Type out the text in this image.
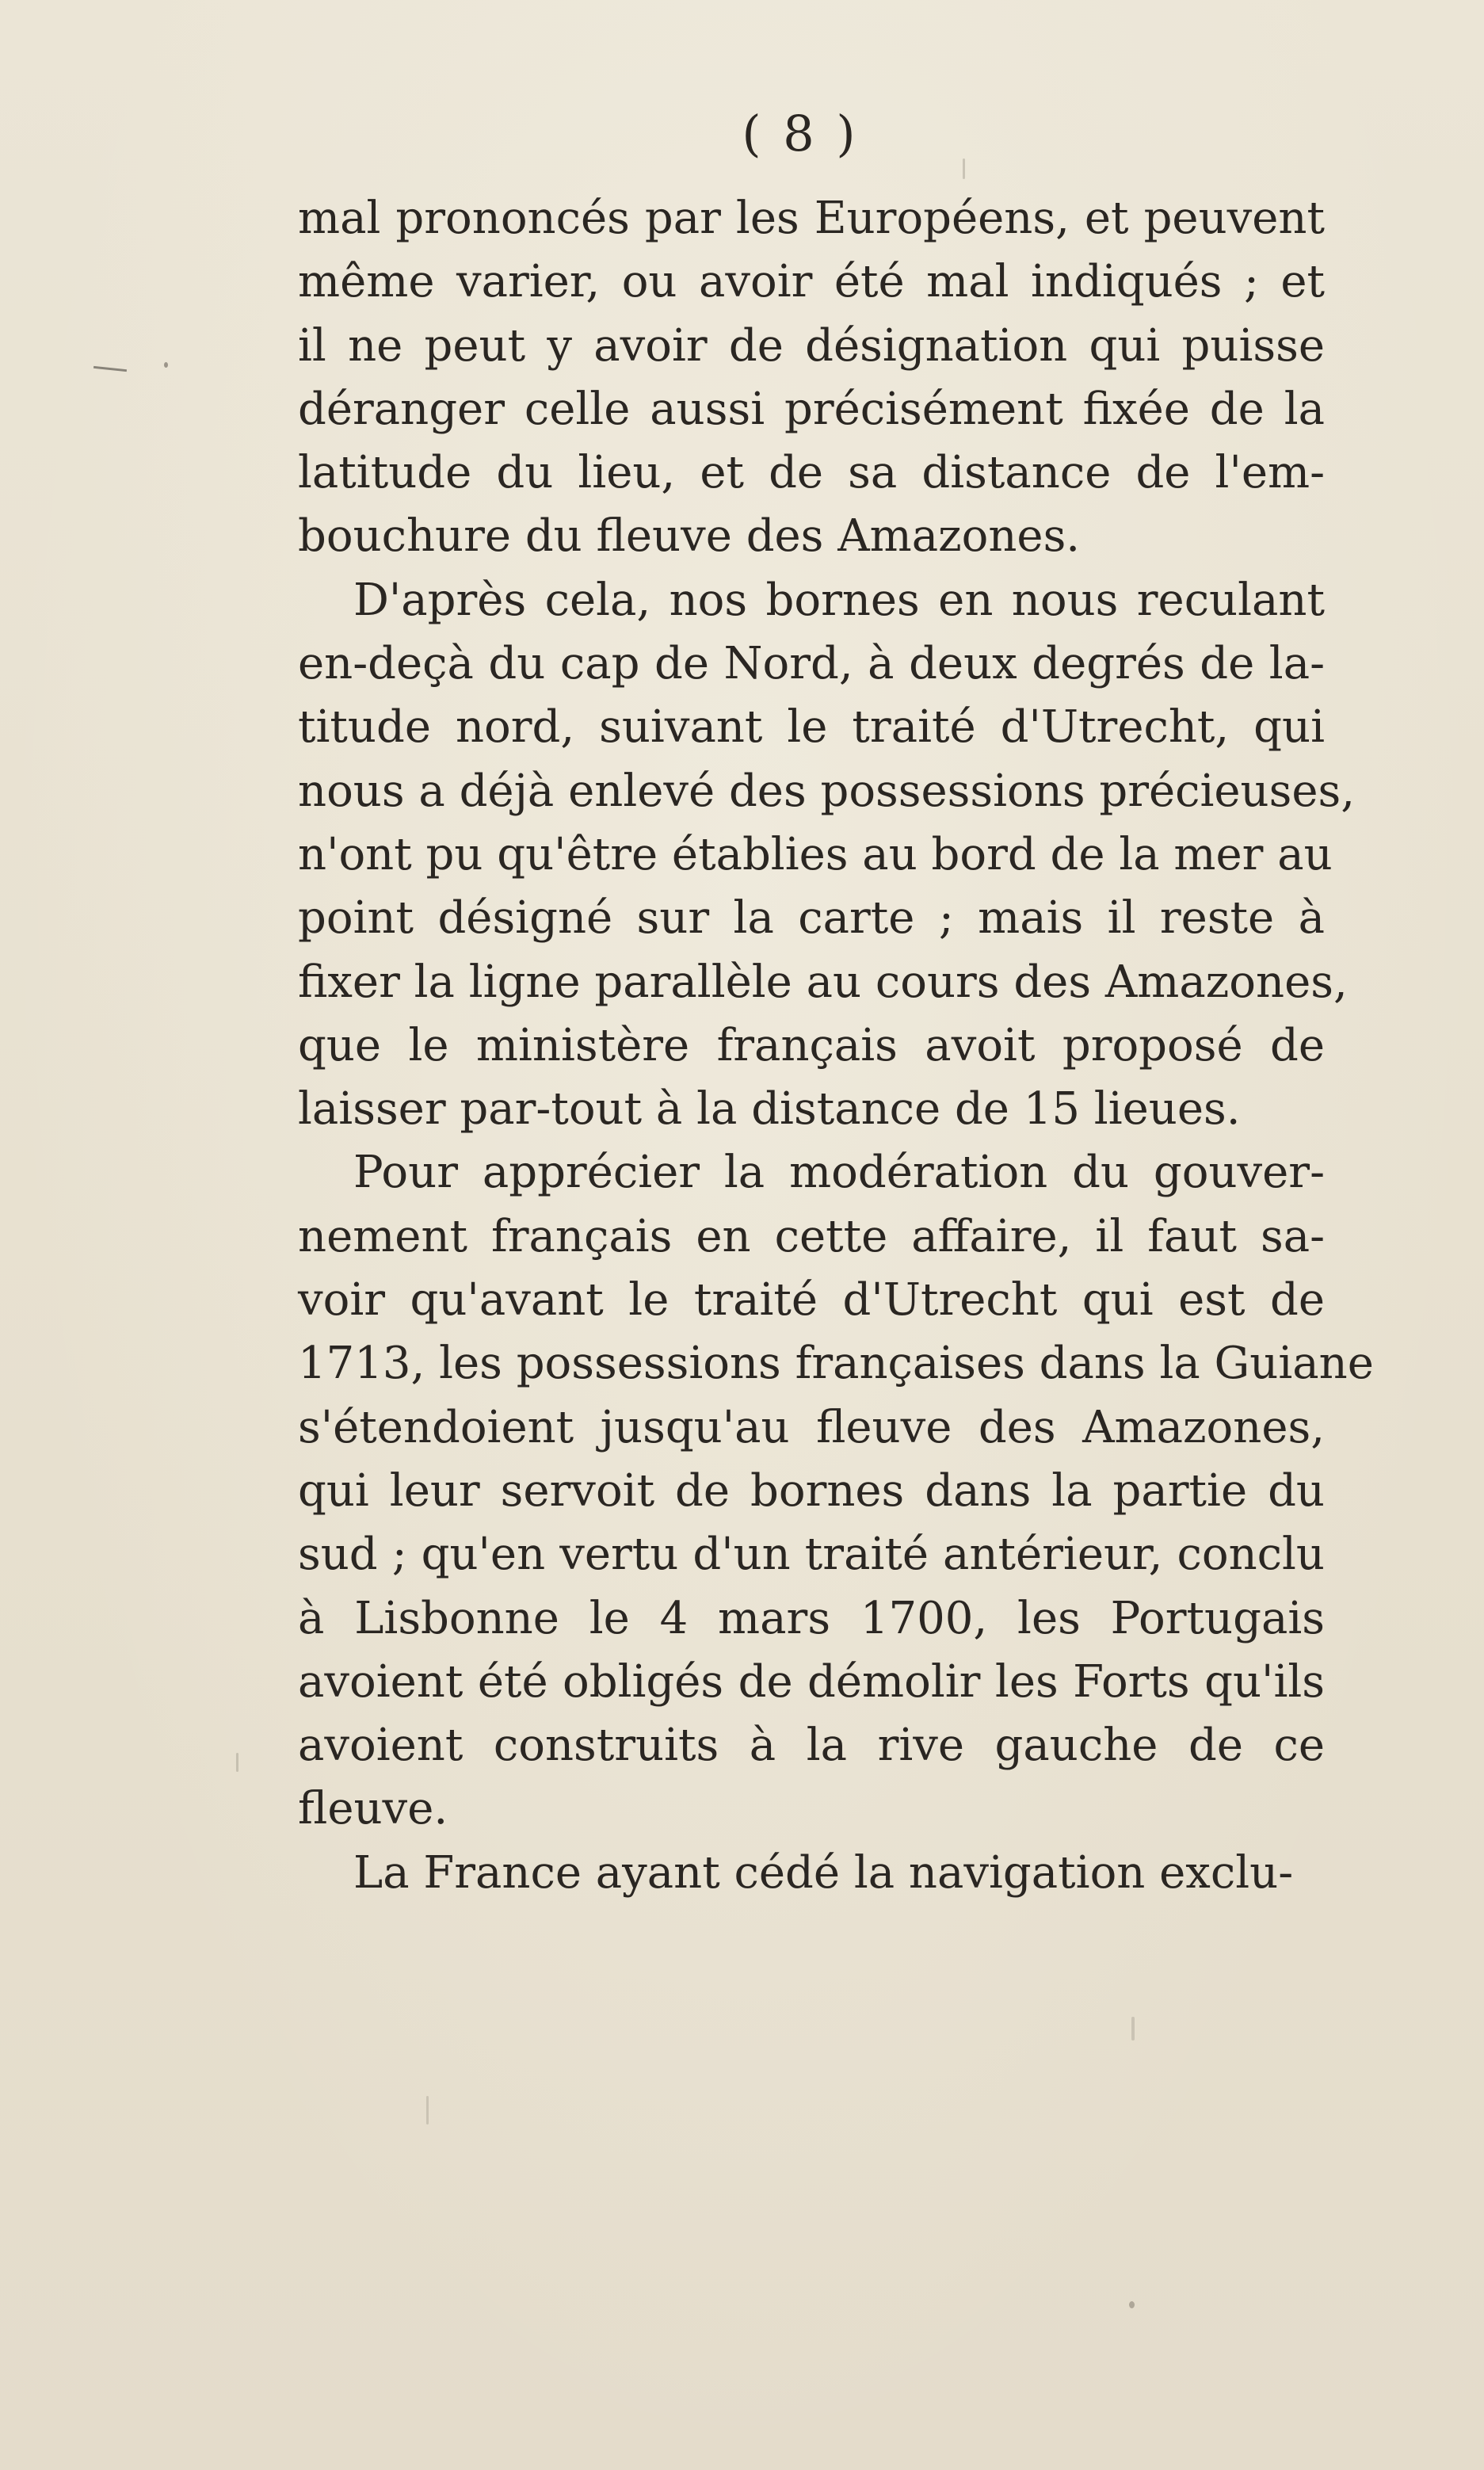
( 8 )
mal prononcés par les Européens, et peuvent
même varier, ou avoir été mal indiqués ; et
il ne peut y avoir de désignation qui puisse
déranger celle aussi précisément fixée de la
latitude du lieu, et de sa distance de l'em-
bouchure du fleuve des Amazones.
D'après cela, nos bornes en nous reculant
en-deçà du cap de Nord, à deux degrés de la-
titude nord, suivant le traité d'Utrecht, qui
nous a déjà enlevé des possessions précieuses,
n'ont pu qu'être établies au bord de la mer au
point désigné sur la carte ; mais il reste à
fixer la ligne parallèle au cours des Amazones,
que le ministère français avoit proposé de
laisser par-tout à la distance de 15 lieues.
Pour apprécier la modération du gouver-
nement français en cette affaire, il faut sa-
voir qu'avant le traité d'Utrecht qui est de
1713, les possessions françaises dans la Guiane
s'étendoient jusqu'au fleuve des Amazones,
qui leur servoit de bornes dans la partie du
sud ; qu'en vertu d'un traité antérieur, conclu
à Lisbonne le 4 mars 1700, les Portugais
avoient été obligés de démolir les Forts qu'ils
avoient construits à la rive gauche de ce
fleuve.
La France ayant cédé la navigation exclu-
